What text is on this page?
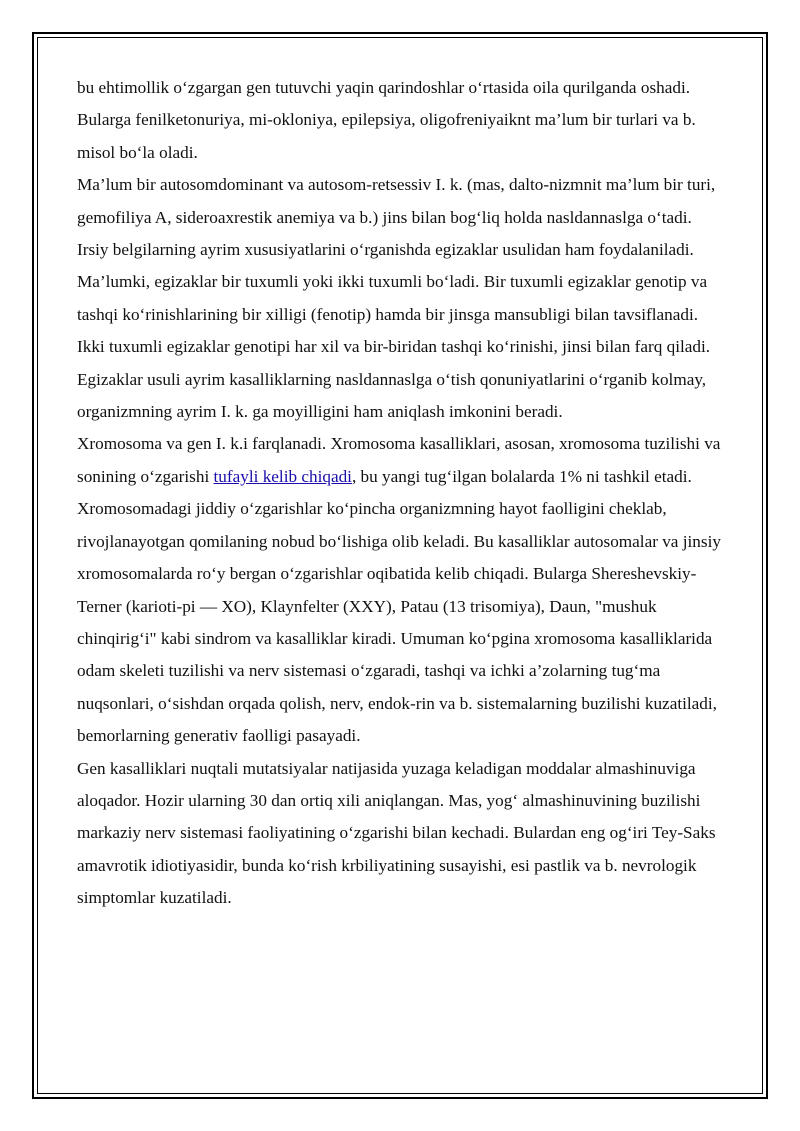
bu ehtimollik o‘zgargan gen tutuvchi yaqin qarindoshlar o‘rtasida oila qurilganda oshadi. Bularga fenilketonuriya, mi-okloniya, epilepsiya, oligofreniyaiknt ma’lum bir turlari va b. misol bo‘la oladi.

Ma’lum bir autosomdominant va autosom-retsessiv I. k. (mas, dalto-nizmnit ma’lum bir turi, gemofiliya A, sideroaxrestik anemiya va b.) jins bilan bog‘liq holda nasldannaslga o‘tadi.

Irsiy belgilarning ayrim xususiyatlarini o‘rganishda egizaklar usulidan ham foydalaniladi. Ma’lumki, egizaklar bir tuxumli yoki ikki tuxumli bo‘ladi. Bir tuxumli egizaklar genotip va tashqi ko‘rinishlarining bir xilligi (fenotip) hamda bir jinsga mansubligi bilan tavsiflanadi. Ikki tuxumli egizaklar genotipi har xil va bir-biridan tashqi ko‘rinishi, jinsi bilan farq qiladi. Egizaklar usuli ayrim kasalliklarning nasldannaslga o‘tish qonuniyatlarini o‘rganib kolmay, organizmning ayrim I. k. ga moyilligini ham aniqlash imkonini beradi.

Xromosoma va gen I. k.i farqlanadi. Xromosoma kasalliklari, asosan, xromosoma tuzilishi va sonining o‘zgarishi tufayli kelib chiqadi, bu yangi tug‘ilgan bolalarda 1% ni tashkil etadi. Xromosomadagi jiddiy o‘zgarishlar ko‘pincha organizmning hayot faolligini cheklab, rivojlanayotgan qomilaning nobud bo‘lishiga olib keladi. Bu kasalliklar autosomalar va jinsiy xromosomalarda ro‘y bergan o‘zgarishlar oqibatida kelib chiqadi. Bularga Shereshevskiy-Terner (karioti-pi — XO), Klaynfelter (XXY), Patau (13 trisomiya), Daun, "mushuk chinqirig‘i" kabi sindrom va kasalliklar kiradi. Umuman ko‘pgina xromosoma kasalliklarida odam skeleti tuzilishi va nerv sistemasi o‘zgaradi, tashqi va ichki a’zolarning tug‘ma nuqsonlari, o‘sishdan orqada qolish, nerv, endok-rin va b. sistemalarning buzilishi kuzatiladi, bemorlarning generativ faolligi pasayadi.

Gen kasalliklari nuqtali mutatsiyalar natijasida yuzaga keladigan moddalar almashinuviga aloqador. Hozir ularning 30 dan ortiq xili aniqlangan. Mas, yog‘ almashinuvining buzilishi markaziy nerv sistemasi faoliyatining o‘zgarishi bilan kechadi. Bulardan eng og‘iri Tey-Saks amavrotik idiotiyasidir, bunda ko‘rish krbiliyatining susayishi, esi pastlik va b. nevrologik simptomlar kuzatiladi.
